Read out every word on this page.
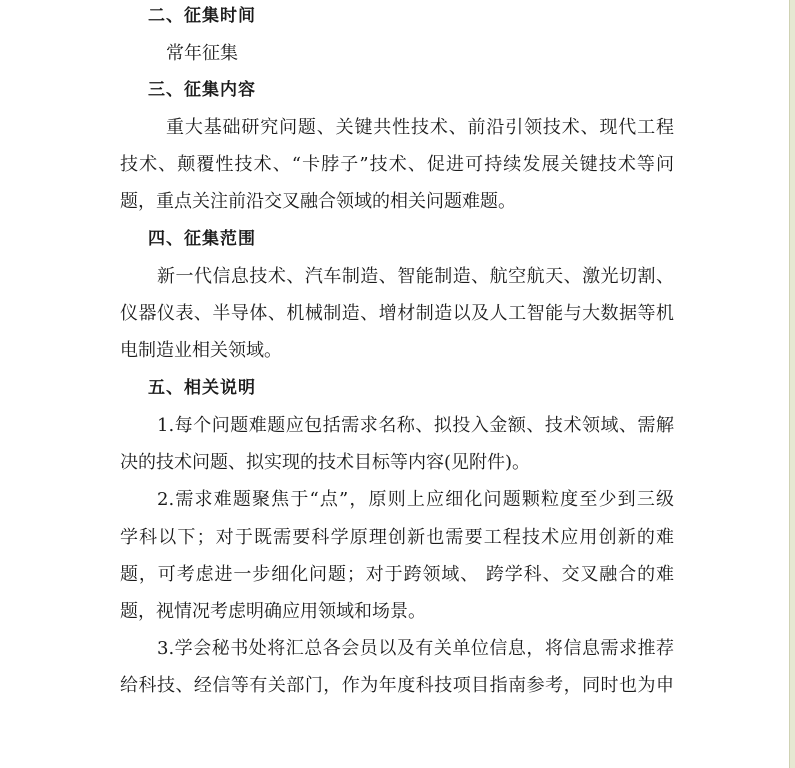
二、征集时间
常年征集
三、征集内容
重大基础研究问题、关键共性技术、前沿引领技术、现代工程
技术、颠覆性技术、“卡脖子”技术、促进可持续发展关键技术等问
题，重点关注前沿交叉融合领域的相关问题难题。
四、征集范围
新一代信息技术、汽车制造、智能制造、航空航天、激光切割、
仪器仪表、半导体、机械制造、增材制造以及人工智能与大数据等机
电制造业相关领域。
五、相关说明
1.每个问题难题应包括需求名称、拟投入金额、技术领域、需解
决的技术问题、拟实现的技术目标等内容(见附件)。
2.需求难题聚焦于“点”，原则上应细化问题颗粒度至少到三级
学科以下；对于既需要科学原理创新也需要工程技术应用创新的难
题，可考虑进一步细化问题；对于跨领域、 跨学科、交叉融合的难
题，视情况考虑明确应用领域和场景。
3.学会秘书处将汇总各会员以及有关单位信息，将信息需求推荐
给科技、经信等有关部门，作为年度科技项目指南参考，同时也为申
